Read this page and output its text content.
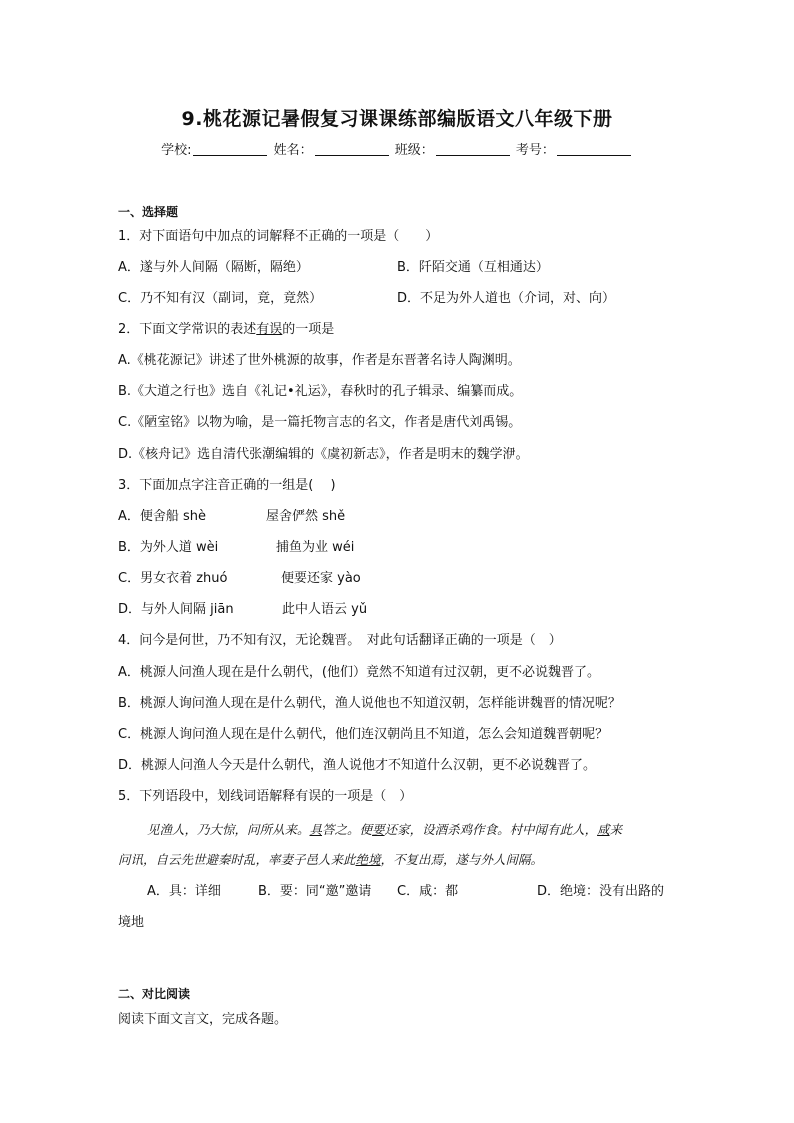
9.桃花源记暑假复习课课练部编版语文八年级下册
学校:	姓名：	班级：	考号：
一、选择题
1．对下面语句中加点的词解释不正确的一项是（　　）
A．遂与外人间隔（隔断，隔绝）	B．阡陌交通（互相通达）
C．乃不知有汉（副词，竟，竟然）	D．不足为外人道也（介词，对、向）
2．下面文学常识的表述有误的一项是
A.《桃花源记》讲述了世外桃源的故事，作者是东晋著名诗人陶渊明。
B.《大道之行也》选自《礼记•礼运》，春秋时的孔子辑录、编纂而成。
C.《陋室铭》以物为喻，是一篇托物言志的名文，作者是唐代刘禹锡。
D.《核舟记》选自清代张潮编辑的《虞初新志》，作者是明末的魏学洢。
3．下面加点字注音正确的一组是(　 )
A．便舍船 shè	屋舍俨然 shě
B．为外人道 wèi	捕鱼为业 wéi
C．男女衣着 zhuó	便要还家 yào
D．与外人间隔 jiān	此中人语云 yǔ
4．问今是何世，乃不知有汉，无论魏晋。　对此句话翻译正确的一项是（　）
A．桃源人问渔人现在是什么朝代，(他们）竟然不知道有过汉朝，更不必说魏晋了。
B．桃源人询问渔人现在是什么朝代，渔人说他也不知道汉朝，怎样能讲魏晋的情况呢？
C．桃源人询问渔人现在是什么朝代，他们连汉朝尚且不知道，怎么会知道魏晋朝呢？
D．桃源人问渔人今天是什么朝代，渔人说他才不知道什么汉朝，更不必说魏晋了。
5．下列语段中，划线词语解释有误的一项是（　）
见渔人，乃大惊，问所从来。具答之。便要还家，设酒杀鸡作食。村中闻有此人，咸来
问讯，自云先世避秦时乱，率妻子邑人来此绝境，不复出焉，遂与外人间隔。
A．具：详细	B．要：同“邀”邀请 C．咸：都	D．绝境：没有出路的
境地
二、对比阅读
阅读下面文言文，完成各题。
